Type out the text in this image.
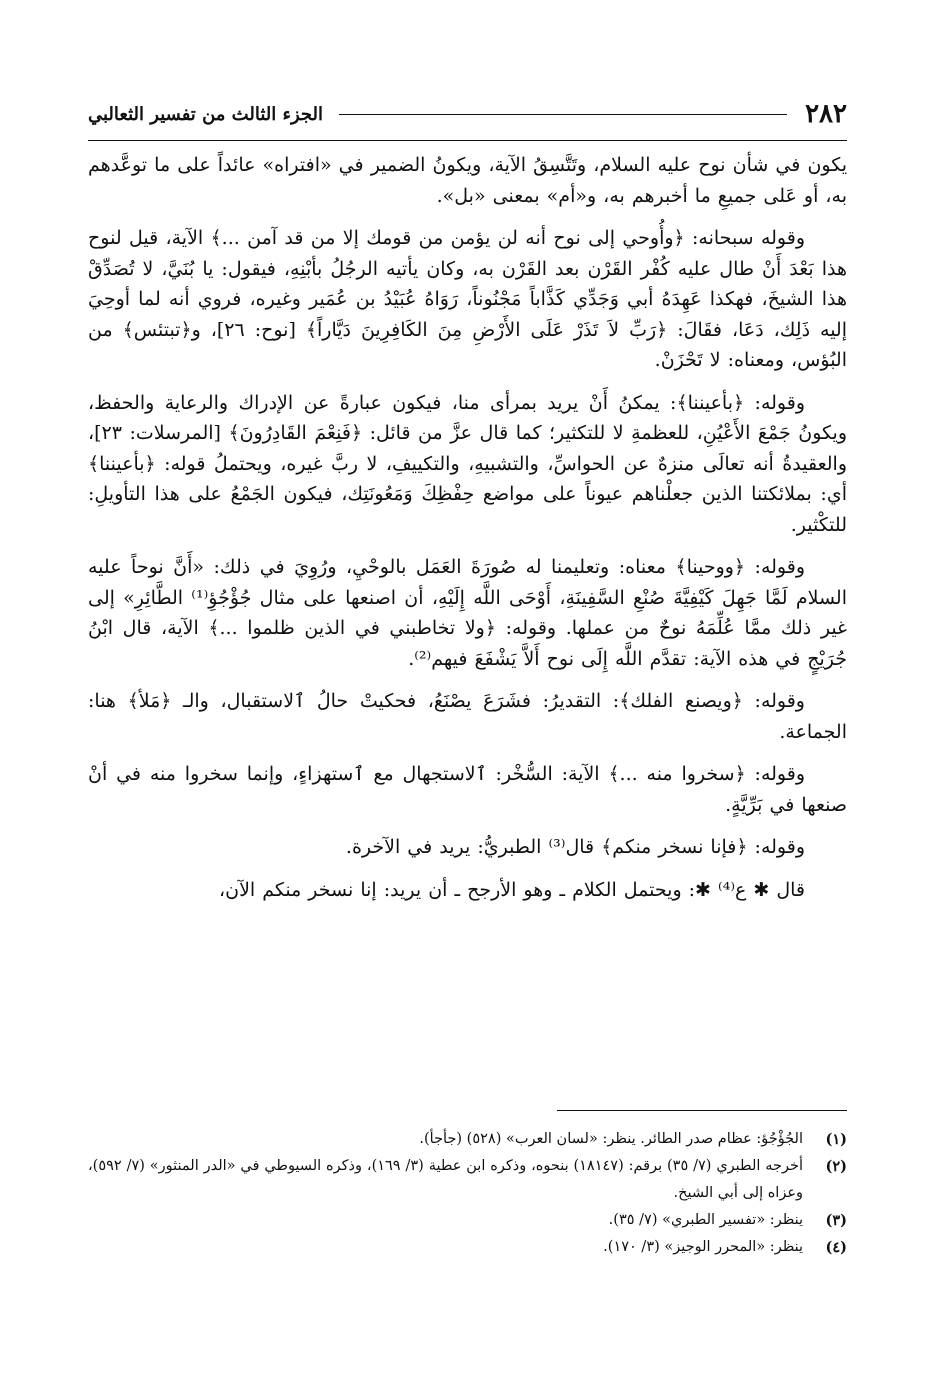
٢٨٢
الجزء الثالث من تفسير الثعالبي

يكون في شأن نوح عليه السلام، وتَتَّسِقُ الآية، ويكونُ الضمير في «افتراه» عائداً على ما توعَّدهم به، أو عَلى جميعِ ما أخبرهم به، و«أم» بمعنى «بل».

وقوله سبحانه: ﴿وأُوحي إلى نوح أنه لن يؤمن من قومك إلا من قد آمن ...﴾ الآية، قيل لنوح هذا بَعْدَ أَنْ طال عليه كُفْر القَرْن بعد القَرْن به، وكان يأتيه الرجُلُ بأبْنِهِ، فيقول: يا بُنَيَّ، لا تُصَدِّقْ هذا الشيخَ، فهكذا عَهِدَهُ أبي وَجَدِّي كَذَّاباً مَجْنُوناً، رَوَاهُ عُبَيْدُ بن عُمَير وغيره، فروي أنه لما أوحِيَ إليه ذَلِك، دَعَا، فقَالَ: ﴿رَبِّ لاَ تَذَرْ عَلَى الأَرْضِ مِنَ الكَافِرِينَ دَيَّاراً﴾ [نوح: ٢٦]، و﴿تبتئس﴾ من البُؤس، ومعناه: لا تَحْزَنْ.

وقوله: ﴿بأعيننا﴾: يمكنُ أَنْ يريد بمرأى منا، فيكون عبارةً عن الإدراك والرعاية والحفظ، ويكونُ جَمْعَ الأَعْيُنِ، للعظمةِ لا للتكثير؛ كما قال عزَّ من قائل: ﴿فَنِعْمَ القَادِرُونَ﴾ [المرسلات: ٢٣]، والعقيدةُ أنه تعالَى منزهٌ عن الحواسِّ، والتشبيهِ، والتكييفِ، لا ربَّ غيره، ويحتملُ قوله: ﴿بأعيننا﴾ أي: بملائكتنا الذين جعلْناهم عيوناً على مواضع حِفْظِكَ وَمَعُونَتِك، فيكون الجَمْعُ على هذا التأويلِ: للتكْثير.

وقوله: ﴿ووحينا﴾ معناه: وتعليمنا له صُورَةَ العَمَل بالوحْيِ، ورُوِيَ في ذلك: «أَنَّ نوحاً عليه السلام لَمَّا جَهِلَ كَيْفِيَّةَ صُنْعِ السَّفِينَةِ، أَوْحَى اللَّه إِلَيْهِ، أن اصنعها على مثال جُؤْجُؤِ⁽¹⁾ الطَّائِرِ» إلى غير ذلك ممَّا عُلِّمَهُ نوحٌ من عملها. وقوله: ﴿ولا تخاطبني في الذين ظلموا ...﴾ الآية، قال ابْنُ جُرَيْجٍ في هذه الآية: تقدَّم اللَّه إِلَى نوح أَلاَّ يَشْفَعَ فيهم⁽²⁾.

وقوله: ﴿ويصنع الفلك﴾: التقديرُ: فشَرَعَ يصْنَعُ، فحكيتْ حالُ ٱلاستقبال، والـ ﴿مَلأ﴾ هنا: الجماعة.

وقوله: ﴿سخروا منه ...﴾ الآية: السُّخْر: ٱلاستجهال مع ٱستهزاءٍ، وإنما سخروا منه في أنْ صنعها في بَرِّيَّةٍ.

وقوله: ﴿فإنا نسخر منكم﴾ قال⁽³⁾ الطبريُّ: يريد في الآخرة.

قال ✱ ع⁽⁴⁾ ✱: ويحتمل الكلام ـ وهو الأرجح ـ أن يريد: إنا نسخر منكم الآن،

(١)
الجُؤْجُؤ: عظام صدر الطائر. ينظر: «لسان العرب» (٥٢٨) (جأجأ).
(٢)
أخرجه الطبري (٧/ ٣٥) برقم: (١٨١٤٧) بنحوه، وذكره ابن عطية (٣/ ١٦٩)، وذكره السيوطي في «الدر المنثور» (٧/ ٥٩٢)، وعزاه إلى أبي الشيخ.
(٣)
ينظر: «تفسير الطبري» (٧/ ٣٥).
(٤)
ينظر: «المحرر الوجيز» (٣/ ١٧٠).
